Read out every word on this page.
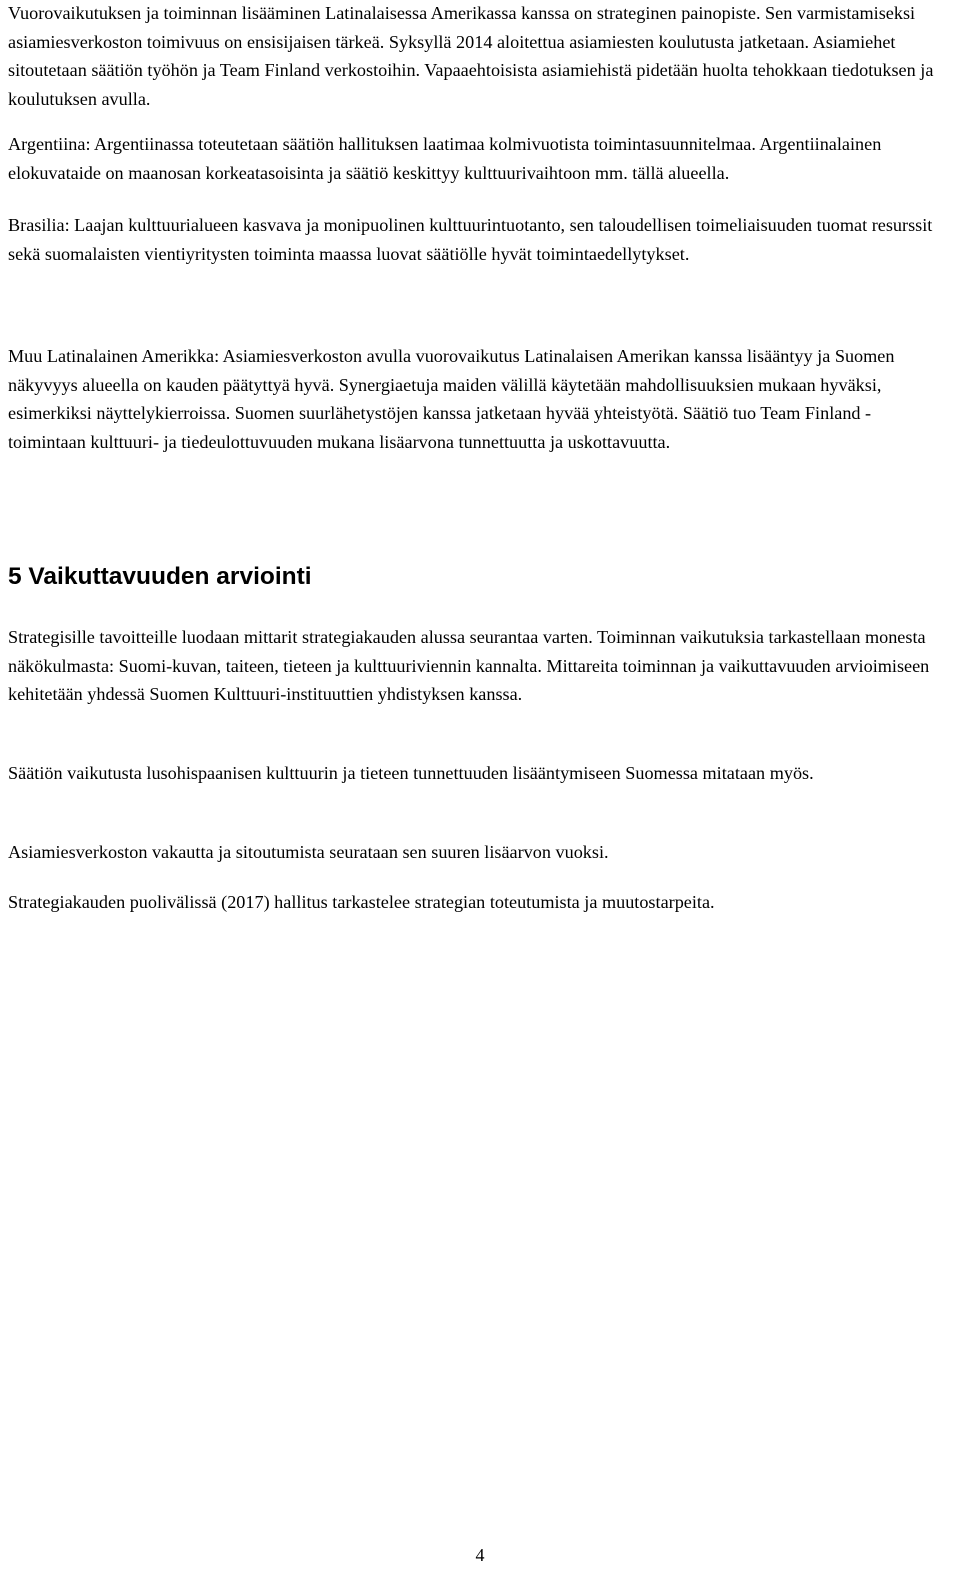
Vuorovaikutuksen ja toiminnan lisääminen Latinalaisessa Amerikassa kanssa on strateginen painopiste. Sen varmistamiseksi asiamiesverkoston toimivuus on ensisijaisen tärkeä. Syksyllä 2014 aloitettua asiamiesten koulutusta jatketaan. Asiamiehet sitoutetaan säätiön työhön ja Team Finland verkostoihin. Vapaaehtoisista asiamiehistä pidetään huolta tehokkaan tiedotuksen ja koulutuksen avulla.

Argentiina: Argentiinassa toteutetaan säätiön hallituksen laatimaa kolmivuotista toimintasuunnitelmaa. Argentiinalainen elokuvataide on maanosan korkeatasoisinta ja säätiö keskittyy kulttuurivaihtoon mm. tällä alueella.

Brasilia: Laajan kulttuurialueen kasvava ja monipuolinen kulttuurintuotanto, sen taloudellisen toimeliaisuuden tuomat resurssit sekä suomalaisten vientiyritysten toiminta maassa luovat säätiölle hyvät toimintaedellytykset.

Muu Latinalainen Amerikka: Asiamiesverkoston avulla vuorovaikutus Latinalaisen Amerikan kanssa lisääntyy ja Suomen näkyvyys alueella on kauden päätyttyä hyvä. Synergiaetuja maiden välillä käytetään mahdollisuuksien mukaan hyväksi, esimerkiksi näyttelykierroissa. Suomen suurlähetystöjen kanssa jatketaan hyvää yhteistyötä. Säätiö tuo Team Finland -toimintaan kulttuuri- ja tiedeulottuvuuden mukana lisäarvona tunnettuutta ja uskottavuutta.

5 Vaikuttavuuden arviointi

Strategisille tavoitteille luodaan mittarit strategiakauden alussa seurantaa varten. Toiminnan vaikutuksia tarkastellaan monesta näkökulmasta: Suomi-kuvan, taiteen, tieteen ja kulttuuriviennin kannalta. Mittareita toiminnan ja vaikuttavuuden arvioimiseen kehitetään yhdessä Suomen Kulttuuri-instituuttien yhdistyksen kanssa.

Säätiön vaikutusta lusohispaanisen kulttuurin ja tieteen tunnettuuden lisääntymiseen Suomessa mitataan myös.

Asiamiesverkoston vakautta ja sitoutumista seurataan sen suuren lisäarvon vuoksi.

Strategiakauden puolivälissä (2017) hallitus tarkastelee strategian toteutumista ja muutostarpeita.

4
